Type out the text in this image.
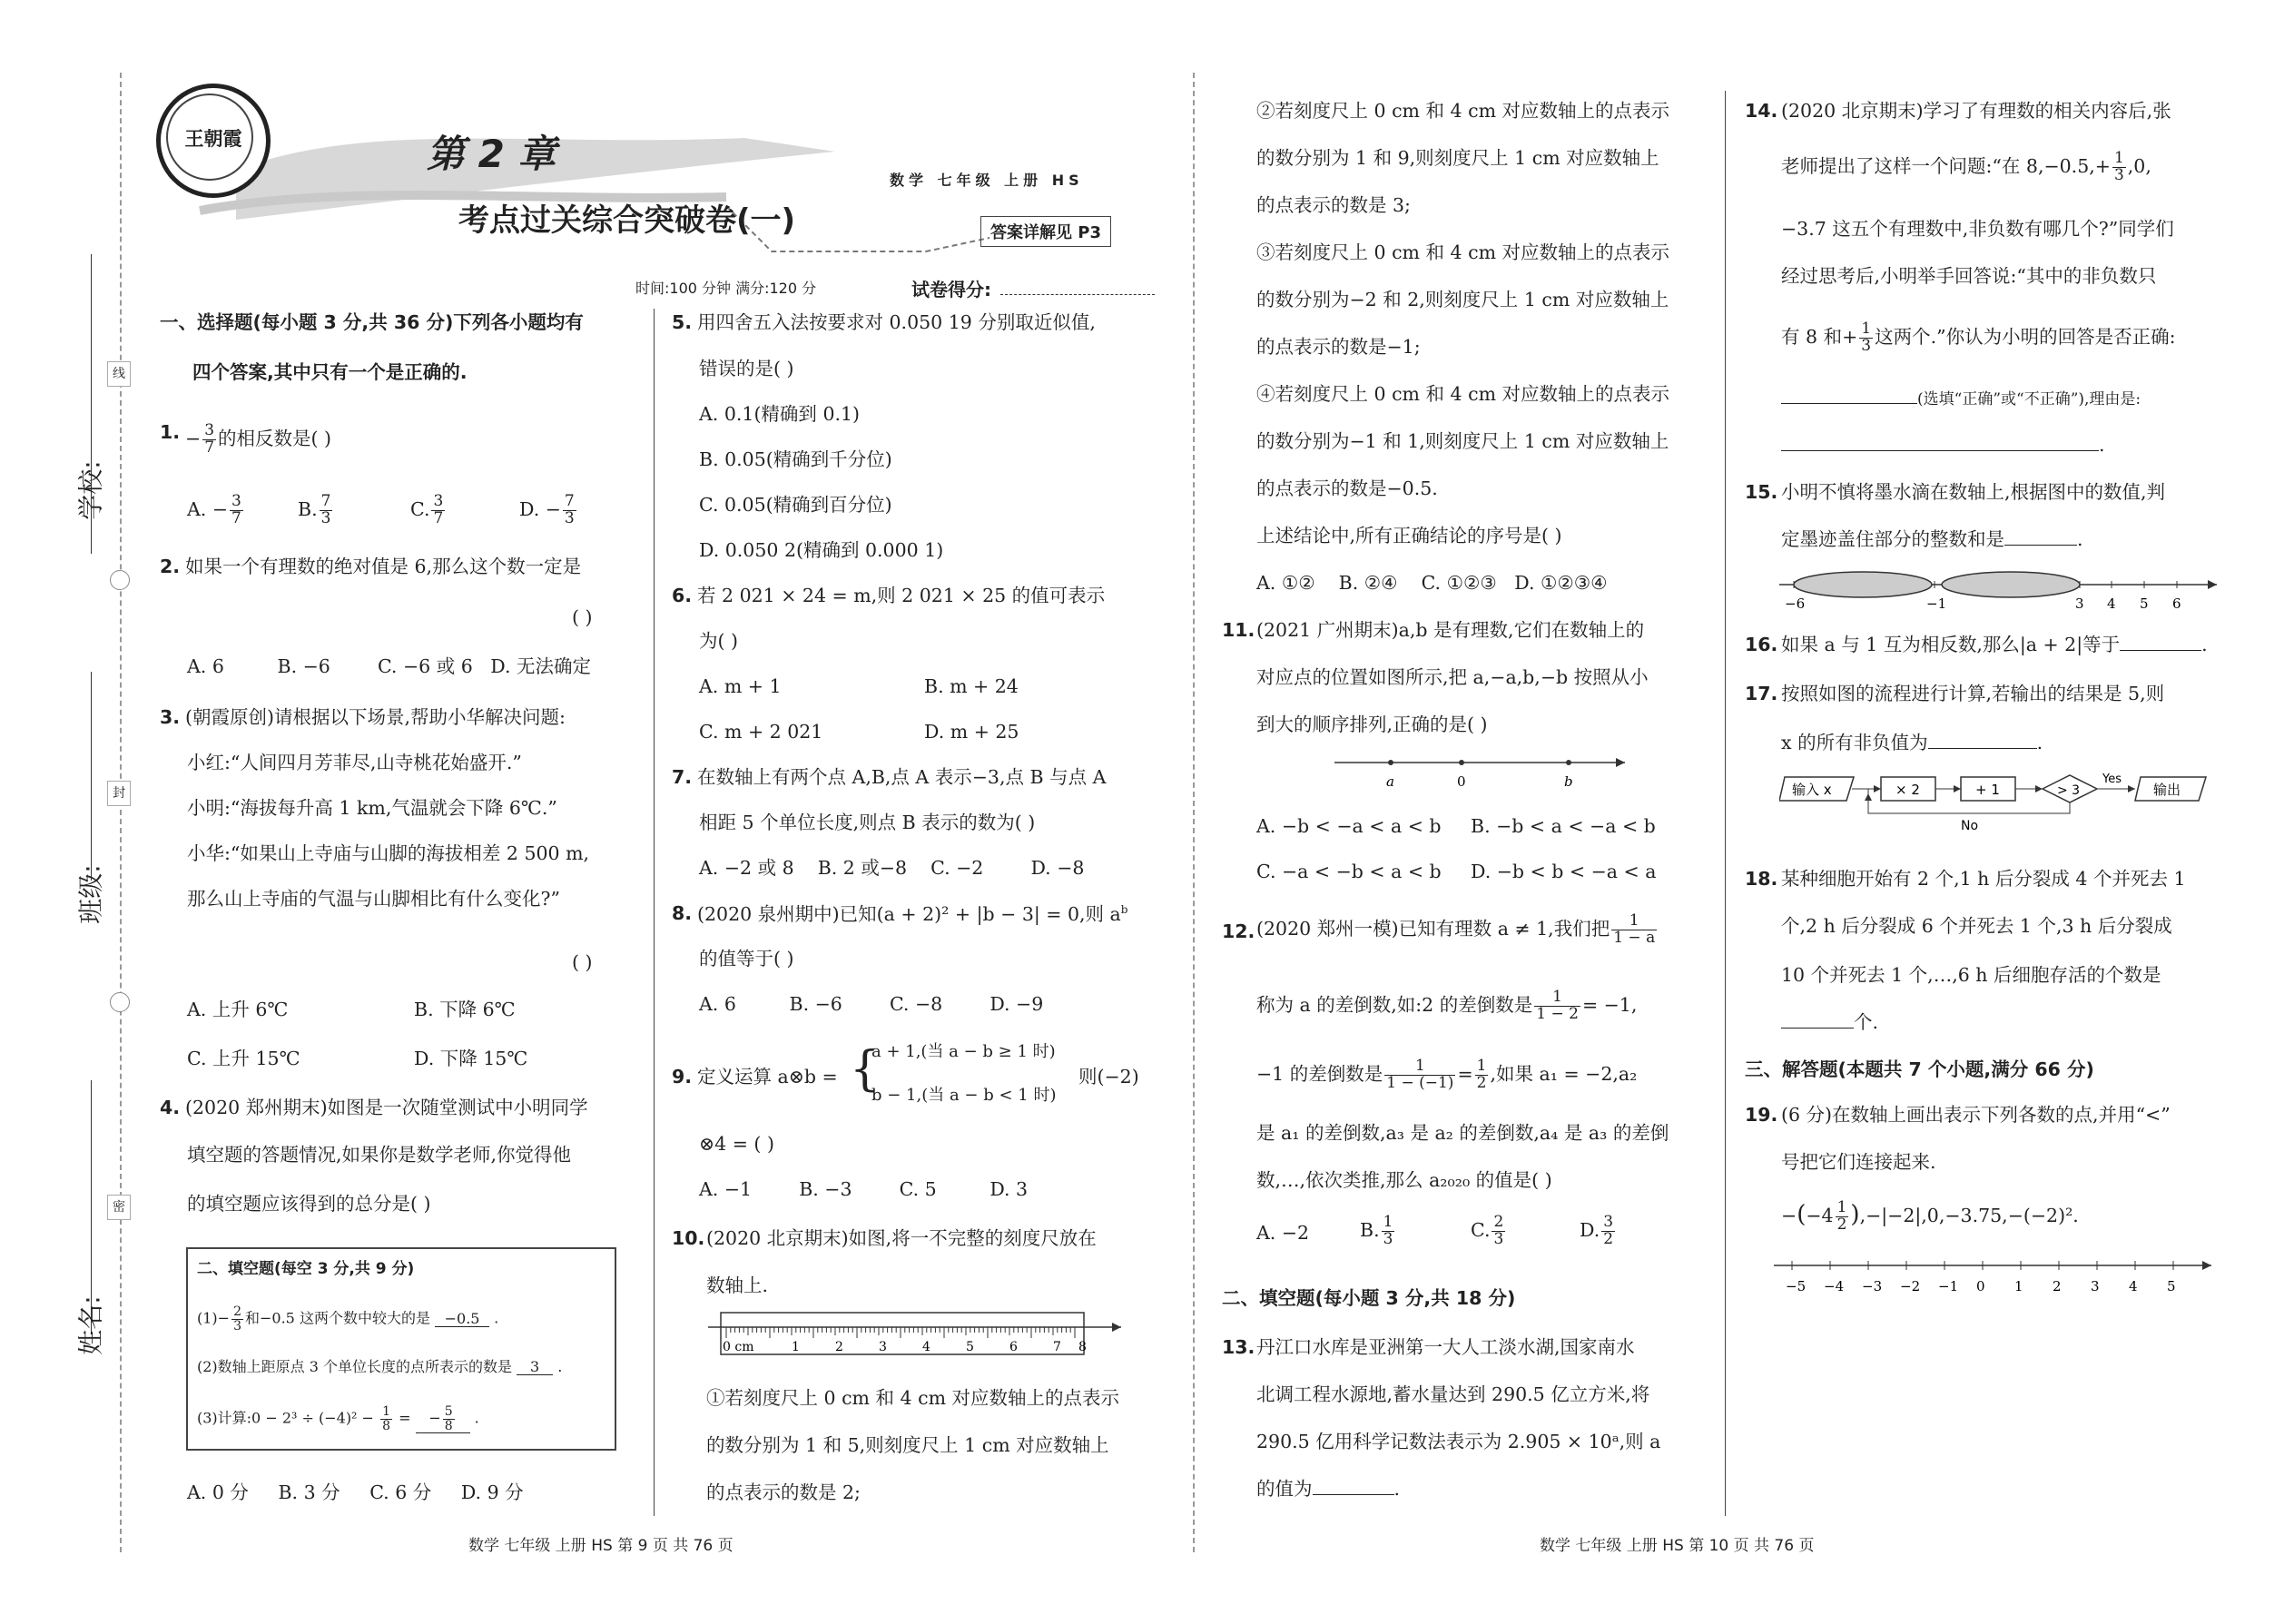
学校:
班级:
姓名:
线
封
密
王朝霞	第 2 章
考点过关综合突破卷(一)
数学 七年级 上册 HS
答案详解见 P3
时间:100 分钟 满分:120 分	试卷得分:
一、选择题(每小题 3 分,共 36 分)下列各小题均有
四个答案,其中只有一个是正确的.
1. − $\frac{3}{7}$ 的相反数是( )
A. − $\frac{3}{7}$	B. $\frac{7}{3}$	C. $\frac{3}{7}$	D. − $\frac{7}{3}$
2. 如果一个有理数的绝对值是 6,那么这个数一定是
( )
A. 6         B. −6        C. −6 或 6   D. 无法确定
3. (朝霞原创)请根据以下场景,帮助小华解决问题:
小红:“人间四月芳菲尽,山寺桃花始盛开.”
小明:“海拔每升高 1 km,气温就会下降 6℃.”
小华:“如果山上寺庙与山脚的海拔相差 2 500 m,
那么山上寺庙的气温与山脚相比有什么变化?”
( )
A. 上升 6℃	B. 下降 6℃
C. 上升 15℃	D. 下降 15℃
4. (2020 郑州期末)如图是一次随堂测试中小明同学
填空题的答题情况,如果你是数学老师,你觉得他
的填空题应该得到的总分是( )
二、填空题(每空 3 分,共 9 分)
$(1)- \frac{2}{3}$ 和−0.5 这两个数中较大的是 −0.5 .
(2)数轴上距原点 3 个单位长度的点所表示的数是 3 .
(3)计算:0 − $2^3 \div (-4)^2 - \frac{1}{8}$ = − $\frac{5}{8}$ .
A. 0 分     B. 3 分     C. 6 分     D. 9 分
5. 用四舍五入法按要求对 0.050 19 分别取近似值,
错误的是( )
A. 0.1(精确到 0.1)
B. 0.05(精确到千分位)
C. 0.05(精确到百分位)
D. 0.050 2(精确到 0.000 1)
6. 若 2 021 × 24 = m,则 2 021 × 25 的值可表示
为( )
A. m + 1	B. m + 24
C. m + 2 021	D. m + 25
7. 在数轴上有两个点 A,B,点 A 表示−3,点 B 与点 A
相距 5 个单位长度,则点 B 表示的数为( )
A. −2 或 8    B. 2 或−8    C. −2        D. −8
8. (2020 泉州期中)已知(a + 2)² + |b − 3| = 0,则 $a^b$
的值等于( )
A. 6         B. −6        C. −8        D. −9
9. 定义运算 a⊗b = {
a + 1,(当 a − b ≥ 1 时)
b − 1,(当 a − b < 1 时)
则(−2)
⊗4 = ( )
A. −1        B. −3        C. 5         D. 3
10. (2020 北京期末)如图,将一不完整的刻度尺放在
数轴上.
0 cm	1	2	3	4	5	6	7 8
①若刻度尺上 0 cm 和 4 cm 对应数轴上的点表示
的数分别为 1 和 5,则刻度尺上 1 cm 对应数轴上
的点表示的数是 2;
②若刻度尺上 0 cm 和 4 cm 对应数轴上的点表示
的数分别为 1 和 9,则刻度尺上 1 cm 对应数轴上
的点表示的数是 3;
③若刻度尺上 0 cm 和 4 cm 对应数轴上的点表示
的数分别为−2 和 2,则刻度尺上 1 cm 对应数轴上
的点表示的数是−1;
④若刻度尺上 0 cm 和 4 cm 对应数轴上的点表示
的数分别为−1 和 1,则刻度尺上 1 cm 对应数轴上
的点表示的数是−0.5.
上述结论中,所有正确结论的序号是( )
A. ①②    B. ②④    C. ①②③   D. ①②③④
11. (2021 广州期末)a,b 是有理数,它们在数轴上的
对应点的位置如图所示,把 a,−a,b,−b 按照从小
到大的顺序排列,正确的是( )
a	0	b
A. −b < −a < a < b B. −b < a < −a < b
C. −a < −b < a < b D. −b < b < −a < a
12. (2020 郑州一模)已知有理数 a ≠ 1,我们把 $\frac{1}{1 - a}$
称为 a 的差倒数,如:2 的差倒数是 $\frac{1}{1 - 2} = -1$,
−1 的差倒数是 $\frac{1}{1 - (-1)} = \frac{1}{2}$ ,如果 a₁ = −2,a₂
是 a₁ 的差倒数,a₃ 是 a₂ 的差倒数,a₄ 是 a₃ 的差倒
数,…,依次类推,那么 a₂₀₂₀ 的值是( )
A. −2	B. $\frac{1}{3}$	C. $\frac{2}{3}$	D. $\frac{3}{2}$
二、填空题(每小题 3 分,共 18 分)
13. 丹江口水库是亚洲第一大人工淡水湖,国家南水
北调工程水源地,蓄水量达到 290.5 亿立方米,将
290.5 亿用科学记数法表示为 2.905 × 10ᵃ,则 a
的值为	.
14. (2020 北京期末)学习了有理数的相关内容后,张
老师提出了这样一个问题:“在 $8,-0.5,+ \frac{1}{3} ,0$,
−3.7 这五个有理数中,非负数有哪几个?”同学们
经过思考后,小明举手回答说:“其中的非负数只
有 8 和+ $\frac{1}{3}$ 这两个.”你认为小明的回答是否正确:
(选填“正确”或“不正确”),理由是:
.
15. 小明不慎将墨水滴在数轴上,根据图中的数值,判
定墨迹盖住部分的整数和是	.
−6	−1	3 4 5 6
16. 如果 a 与 1 互为相反数,那么|a + 2|等于	.
17. 按照如图的流程进行计算,若输出的结果是 5,则
x 的所有非负值为	.
输入 x	× 2	+ 1	> 3
Yes
输出
No
18. 某种细胞开始有 2 个,1 h 后分裂成 4 个并死去 1
个,2 h 后分裂成 6 个并死去 1 个,3 h 后分裂成
10 个并死去 1 个,…,6 h 后细胞存活的个数是
个.
三、解答题(本题共 7 个小题,满分 66 分)
19. (6 分)在数轴上画出表示下列各数的点,并用“<”
号把它们连接起来.
$-(-4 \frac{1}{2} ),-|-2|,0,-3.75,-(-2)^2$.
−5 −4 −3 −2 −1 0 1 2 3 4 5
数学 七年级 上册 HS 第 9 页 共 76 页	数学 七年级 上册 HS 第 10 页 共 76 页
